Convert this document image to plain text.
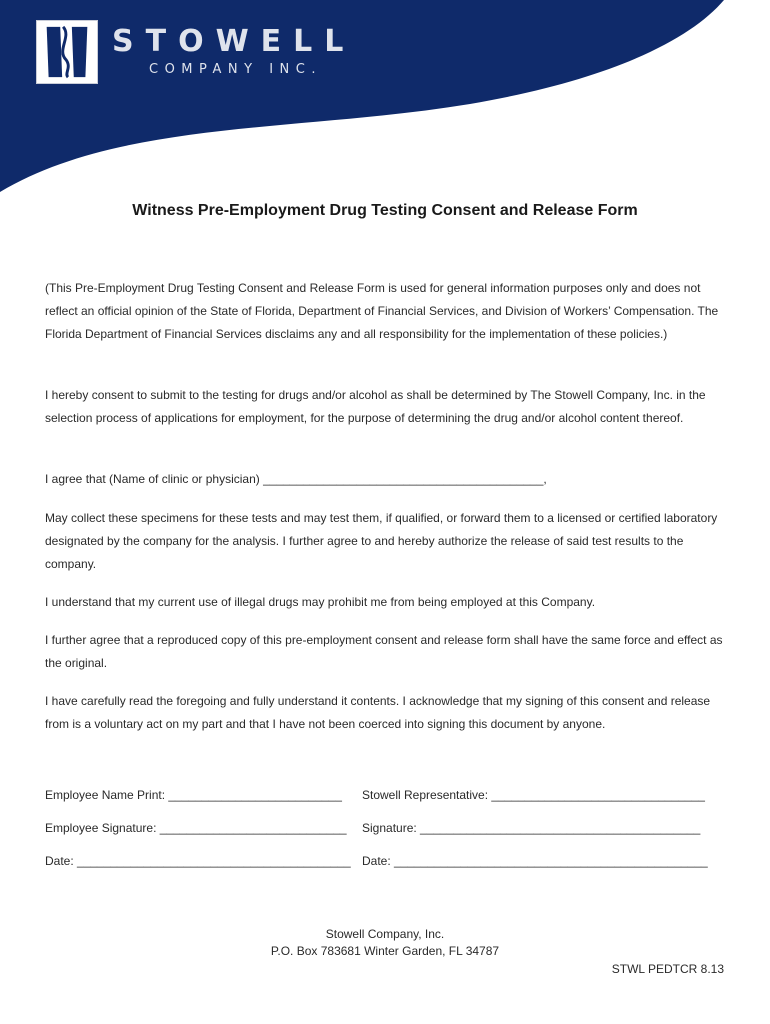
STOWELL
COMPANY INC.
Witness Pre-Employment Drug Testing Consent and Release Form

(This Pre-Employment Drug Testing Consent and Release Form is used for general information purposes only and does not reflect an official opinion of the State of Florida, Department of Financial Services, and Division of Workers’ Compensation. The Florida Department of Financial Services disclaims any and all responsibility for the implementation of these policies.)

I hereby consent to submit to the testing for drugs and/or alcohol as shall be determined by The Stowell Company, Inc. in the selection process of applications for employment, for the purpose of determining the drug and/or alcohol content thereof.

I agree that (Name of clinic or physician) __________________________________________,

May collect these specimens for these tests and may test them, if qualified, or forward them to a licensed or certified laboratory designated by the company for the analysis. I further agree to and hereby authorize the release of said test results to the company.

I understand that my current use of illegal drugs may prohibit me from being employed at this Company.

I further agree that a reproduced copy of this pre-employment consent and release form shall have the same force and effect as the original.

I have carefully read the foregoing and fully understand it contents. I acknowledge that my signing of this consent and release from is a voluntary act on my part and that I have not been coerced into signing this document by anyone.

Employee Name Print: __________________________ Stowell Representative: ________________________________
Employee Signature: ____________________________ Signature: __________________________________________
Date: _________________________________________ Date: _______________________________________________
Stowell Company, Inc.
P.O. Box 783681 Winter Garden, FL 34787
STWL PEDTCR 8.13
